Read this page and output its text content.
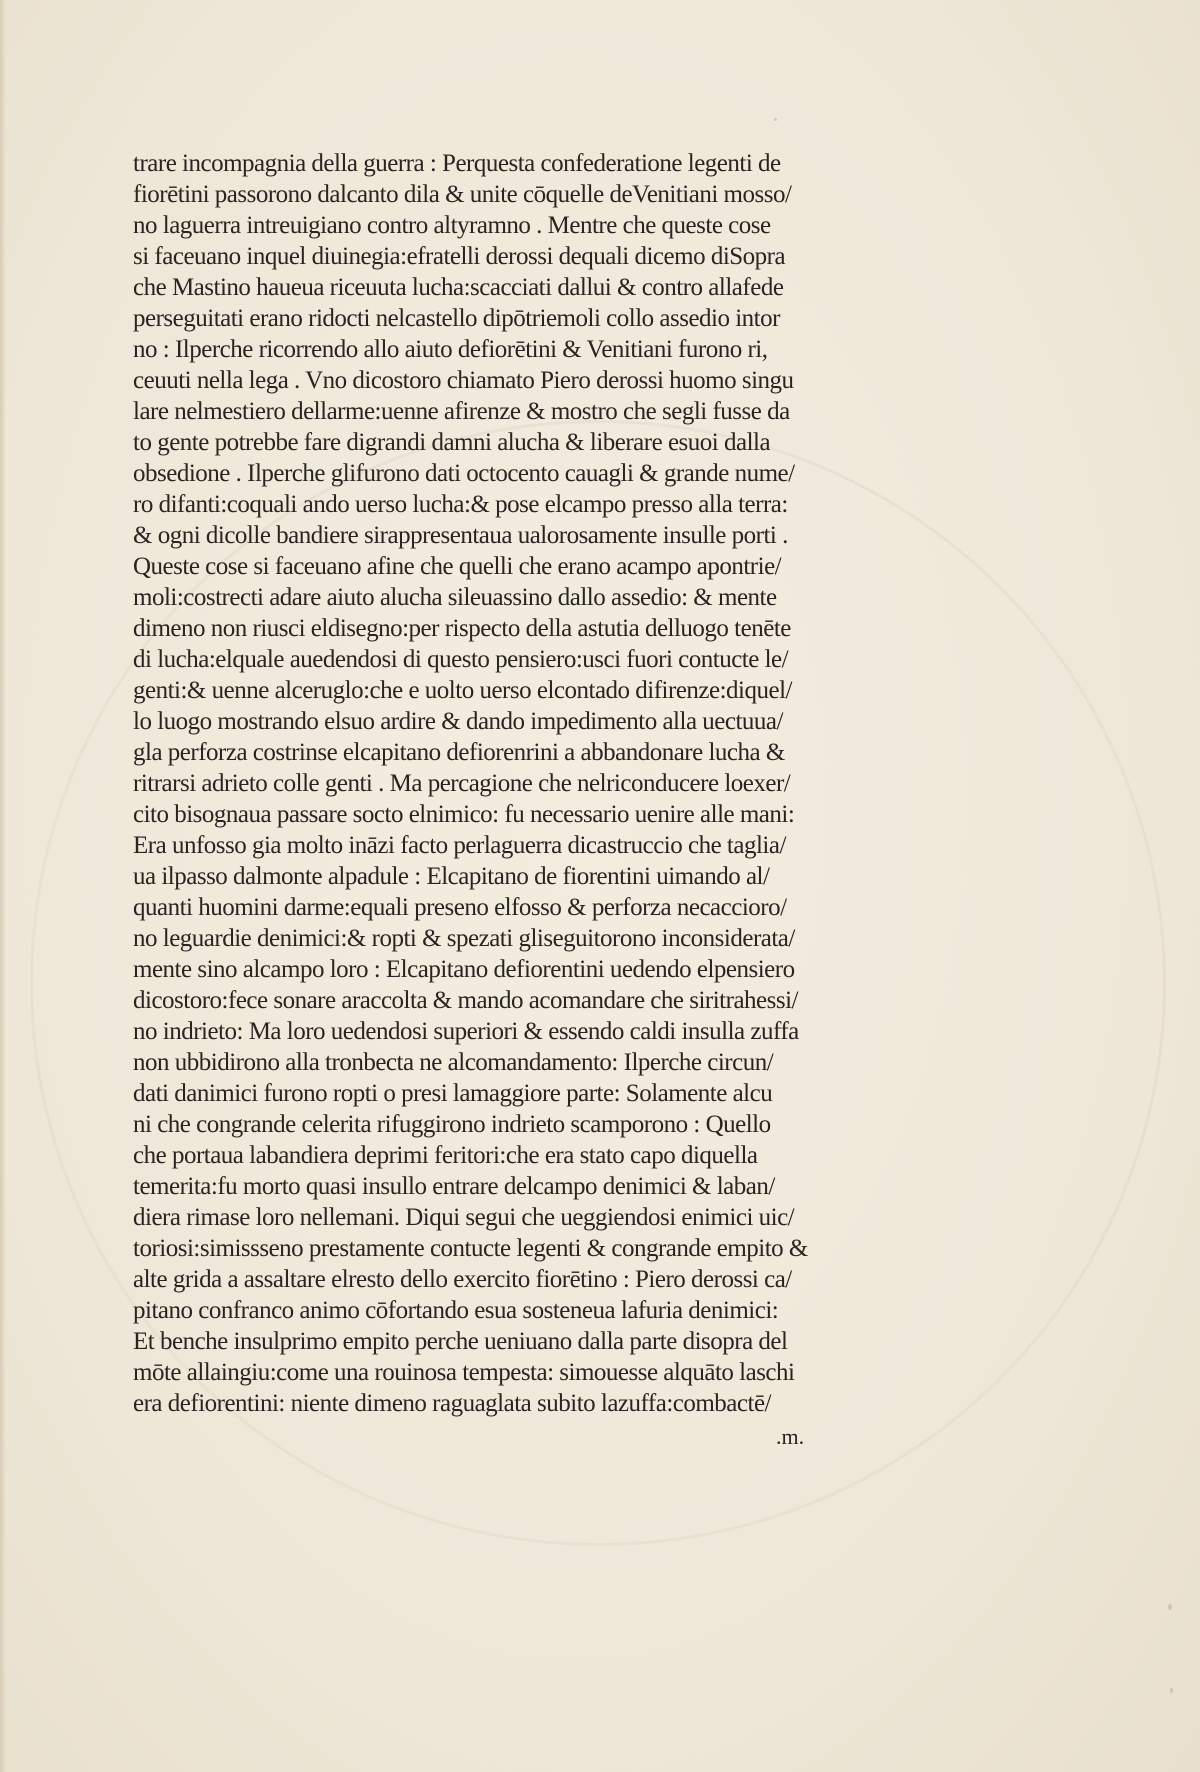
trare incompagnia della guerra : Perquesta confederatione legenti de
fiorētini passorono dalcanto dila & unite cōquelle deVenitiani mosso/
no laguerra intreuigiano contro altyramno . Mentre che queste cose
si faceuano inquel diuinegia:efratelli derossi dequali dicemo diSopra
che Mastino haueua riceuuta lucha:scacciati dallui & contro allafede
perseguitati erano ridocti nelcastello dipōtriemoli collo assedio intor
no : Ilperche ricorrendo allo aiuto defiorētini & Venitiani furono ri,
ceuuti nella lega . Vno dicostoro chiamato Piero derossi huomo singu
lare nelmestiero dellarme:uenne afirenze & mostro che segli fusse da
to gente potrebbe fare digrandi damni alucha & liberare esuoi dalla
obsedione . Ilperche glifurono dati octocento cauagli & grande nume/
ro difanti:coquali ando uerso lucha:& pose elcampo presso alla terra:
& ogni dicolle bandiere sirappresentaua ualorosamente insulle porti .
Queste cose si faceuano afine che quelli che erano acampo apontrie/
moli:costrecti adare aiuto alucha sileuassino dallo assedio: & mente
dimeno non riusci eldisegno:per rispecto della astutia delluogo tenēte
di lucha:elquale auedendosi di questo pensiero:usci fuori contucte le/
genti:& uenne alceruglo:che e uolto uerso elcontado difirenze:diquel/
lo luogo mostrando elsuo ardire & dando impedimento alla uectuua/
gla perforza costrinse elcapitano defiorenrini a abbandonare lucha &
ritrarsi adrieto colle genti . Ma percagione che nelriconducere loexer/
cito bisognaua passare socto elnimico: fu necessario uenire alle mani:
Era unfosso gia molto ināzi facto perlaguerra dicastruccio che taglia/
ua ilpasso dalmonte alpadule : Elcapitano de fiorentini uimando al/
quanti huomini darme:equali preseno elfosso & perforza necaccioro/
no leguardie denimici:& ropti & spezati gliseguitorono inconsiderata/
mente sino alcampo loro : Elcapitano defiorentini uedendo elpensiero
dicostoro:fece sonare araccolta & mando acomandare che siritrahessi/
no indrieto: Ma loro uedendosi superiori & essendo caldi insulla zuffa
non ubbidirono alla tronbecta ne alcomandamento: Ilperche circun/
dati danimici furono ropti o presi lamaggiore parte: Solamente alcu
ni che congrande celerita rifuggirono indrieto scamporono : Quello
che portaua labandiera deprimi feritori:che era stato capo diquella
temerita:fu morto quasi insullo entrare delcampo denimici & laban/
diera rimase loro nellemani. Diqui segui che ueggiendosi enimici uic/
toriosi:simissseno prestamente contucte legenti & congrande empito &
alte grida a assaltare elresto dello exercito fiorētino : Piero derossi ca/
pitano confranco animo cōfortando esua sosteneua lafuria denimici:
Et benche insulprimo empito perche ueniuano dalla parte disopra del
mōte allaingiu:come una rouinosa tempesta: simouesse alquāto laschi
era defiorentini: niente dimeno raguaglata subito lazuffa:combactē/
.m.
